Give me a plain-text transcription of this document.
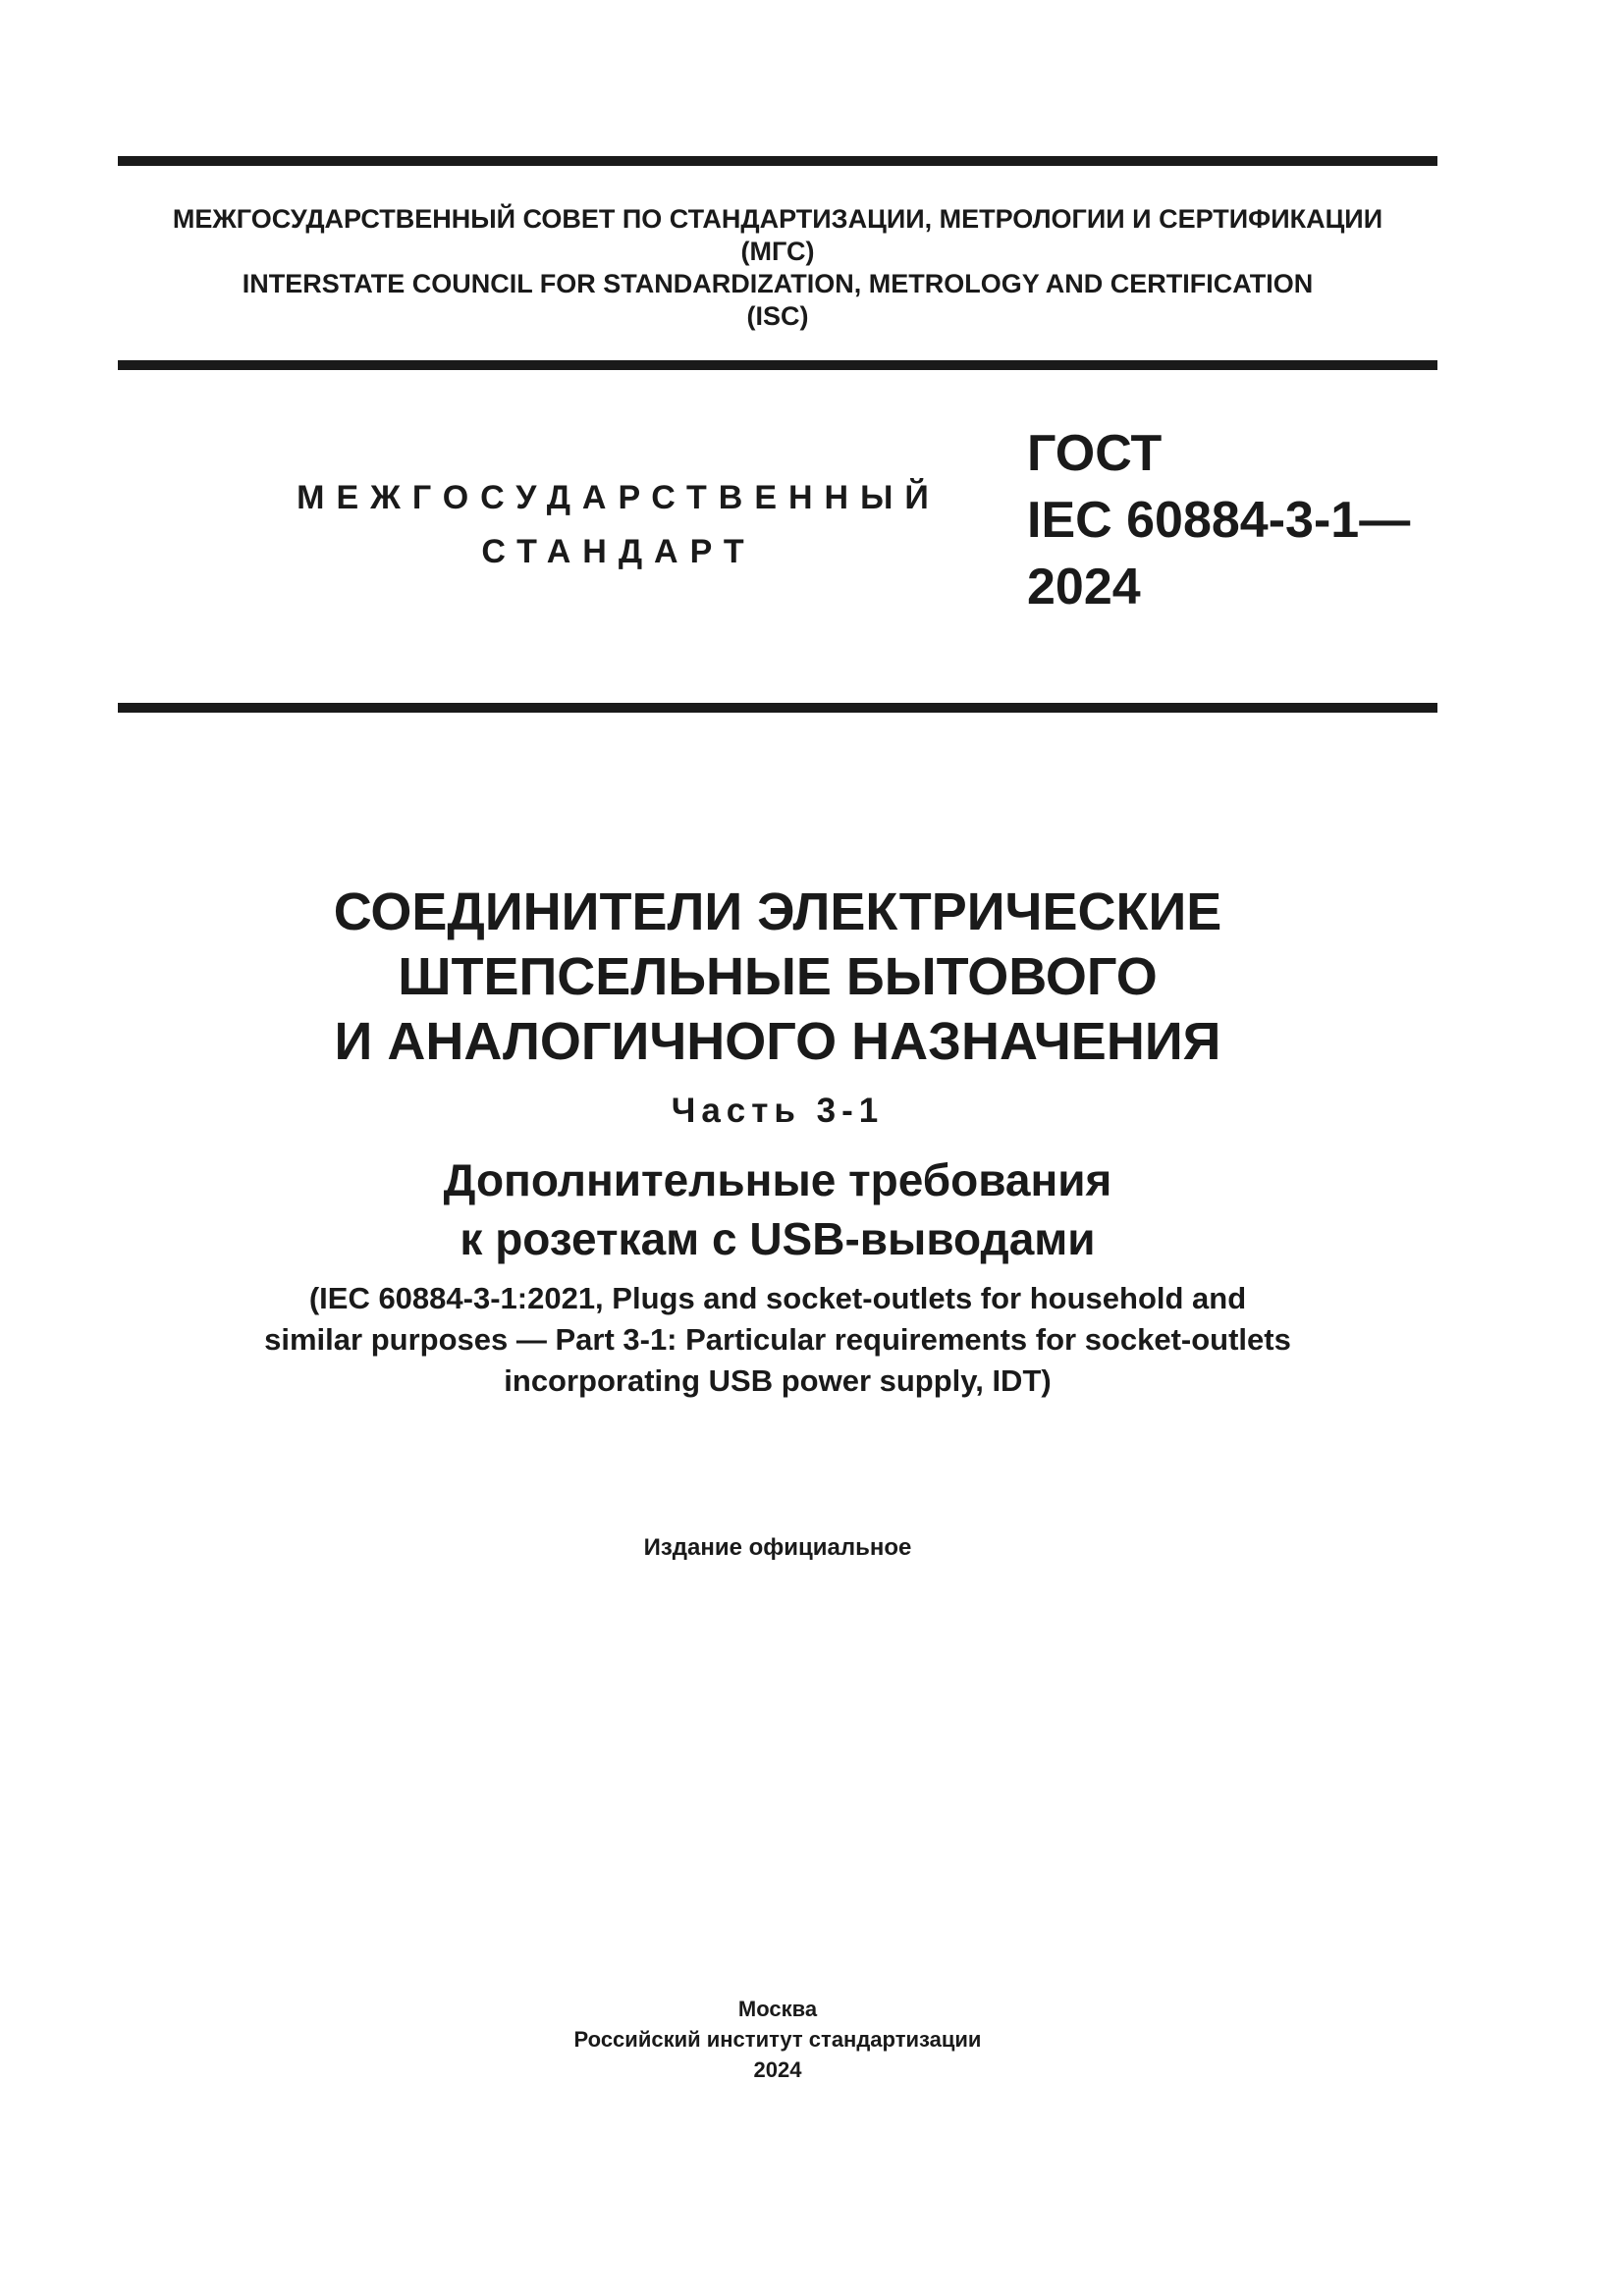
МЕЖГОСУДАРСТВЕННЫЙ СОВЕТ ПО СТАНДАРТИЗАЦИИ, МЕТРОЛОГИИ И СЕРТИФИКАЦИИ
(МГС)
INTERSTATE COUNCIL FOR STANDARDIZATION, METROLOGY AND CERTIFICATION
(ISC)
МЕЖГОСУДАРСТВЕННЫЙ
СТАНДАРТ
ГОСТ
IEC 60884-3-1—
2024
СОЕДИНИТЕЛИ ЭЛЕКТРИЧЕСКИЕ
ШТЕПСЕЛЬНЫЕ БЫТОВОГО
И АНАЛОГИЧНОГО НАЗНАЧЕНИЯ
Часть 3-1
Дополнительные требования
к розеткам с USB-выводами
(IEC 60884-3-1:2021, Plugs and socket-outlets for household and
similar purposes — Part 3-1: Particular requirements for socket-outlets
incorporating USB power supply, IDT)
Издание официальное
Москва
Российский институт стандартизации
2024
